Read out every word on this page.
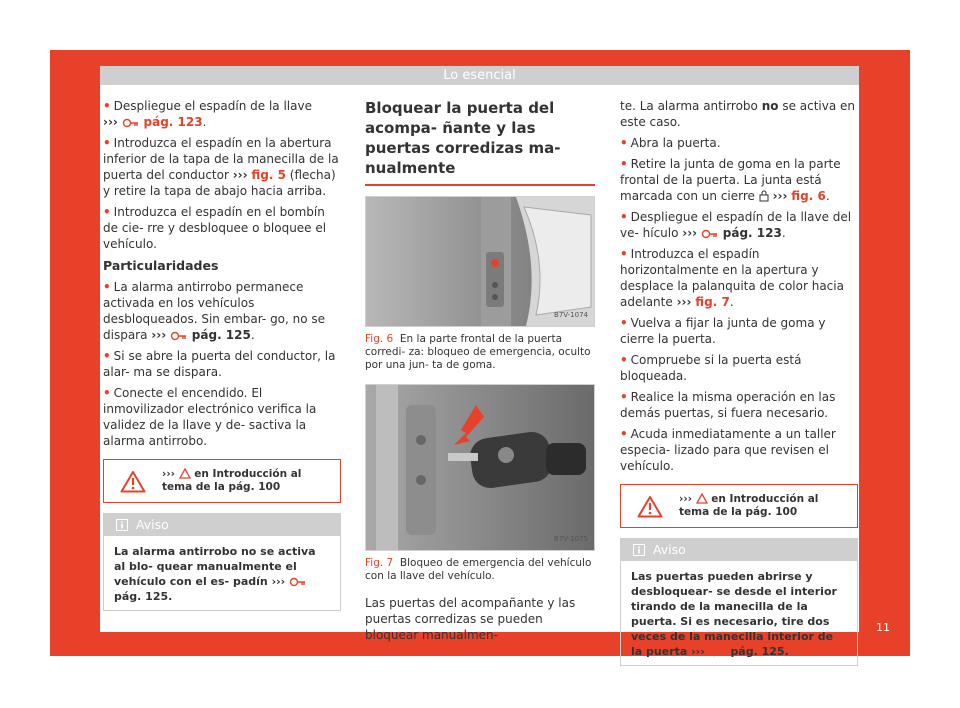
Lo esencial

• Despliegue el espadín de la llave
››› pág. 123.

• Introduzca el espadín en la abertura inferior de la tapa de la manecilla de la puerta del conductor ››› fig. 5 (flecha) y retire la tapa de abajo hacia arriba.

• Introduzca el espadín en el bombín de cie- rre y desbloquee o bloquee el vehículo.

Particularidades

• La alarma antirrobo permanece activada en los vehículos desbloqueados. Sin embar- go, no se dispara ››› pág. 125.

• Si se abre la puerta del conductor, la alar- ma se dispara.

• Conecte el encendido. El inmovilizador electrónico verifica la validez de la llave y de- sactiva la alarma antirrobo.

››› en Introducción al tema de la pág. 100
Aviso
La alarma antirrobo no se activa al blo- quear manualmente el vehículo con el es- padín ›››  pág. 125.
Bloquear la puerta del acompa- ñante y las puertas corredizas ma- nualmente
B7V-1074
Fig. 6 En la parte frontal de la puerta corredi- za: bloqueo de emergencia, oculto por una jun- ta de goma.
B7V-1075
Fig. 7 Bloqueo de emergencia del vehículo con la llave del vehículo.

Las puertas del acompañante y las puertas corredizas se pueden bloquear manualmen-

te. La alarma antirrobo no se activa en este caso.

• Abra la puerta.

• Retire la junta de goma en la parte frontal de la puerta. La junta está marcada con un cierre ››› fig. 6.

• Despliegue el espadín de la llave del ve- hículo ››› pág. 123.

• Introduzca el espadín horizontalmente en la apertura y desplace la palanquita de color hacia adelante ››› fig. 7.

• Vuelva a fijar la junta de goma y cierre la puerta.

• Compruebe si la puerta está bloqueada.

• Realice la misma operación en las demás puertas, si fuera necesario.

• Acuda inmediatamente a un taller especia- lizado para que revisen el vehículo.

››› en Introducción al tema de la pág. 100
Aviso
Las puertas pueden abrirse y desbloquear- se desde el interior tirando de la manecilla de la puerta. Si es necesario, tire dos veces de la manecilla interior de la puerta ››› pág. 125.
11
